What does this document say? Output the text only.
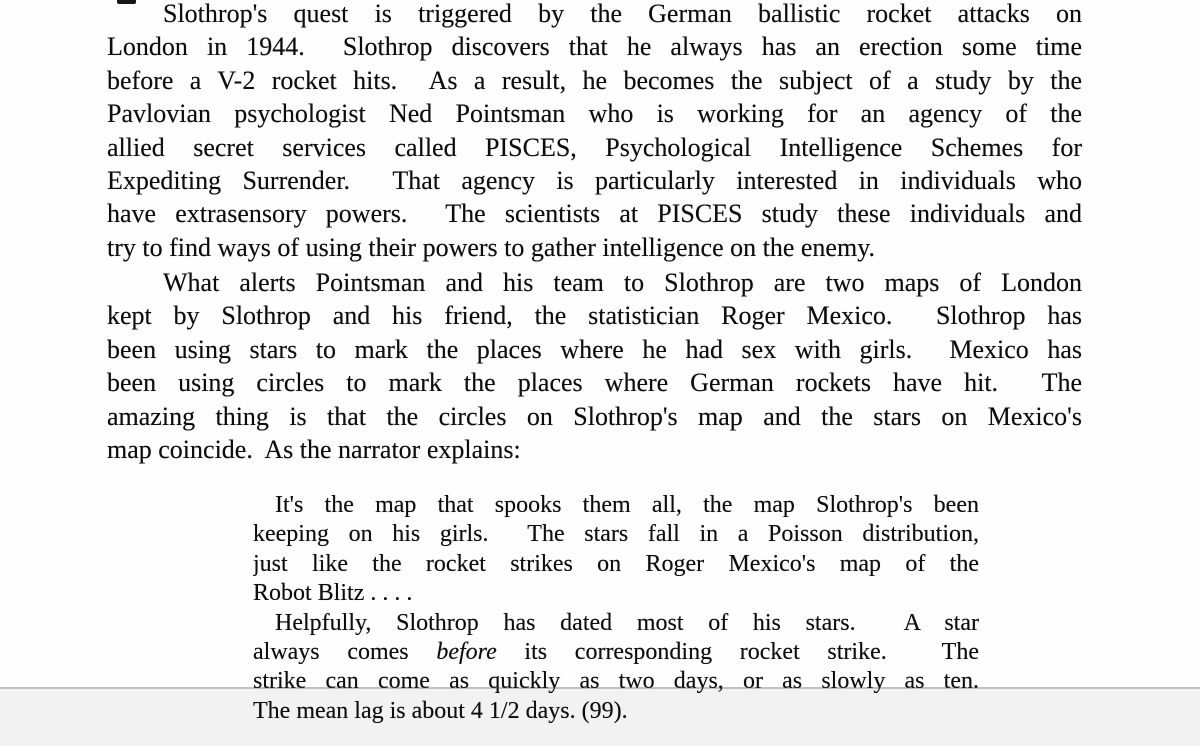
Slothrop's quest is triggered by the German ballistic rocket attacks on
London in 1944.  Slothrop discovers that he always has an erection some time
before a V-2 rocket hits.  As a result, he becomes the subject of a study by the
Pavlovian psychologist Ned Pointsman who is working for an agency of the
allied secret services called PISCES, Psychological Intelligence Schemes for
Expediting Surrender.  That agency is particularly interested in individuals who
have extrasensory powers.  The scientists at PISCES study these individuals and
try to find ways of using their powers to gather intelligence on the enemy.
What alerts Pointsman and his team to Slothrop are two maps of London
kept by Slothrop and his friend, the statistician Roger Mexico.  Slothrop has
been using stars to mark the places where he had sex with girls.  Mexico has
been using circles to mark the places where German rockets have hit.  The
amazing thing is that the circles on Slothrop's map and the stars on Mexico's
map coincide.  As the narrator explains:
It's the map that spooks them all, the map Slothrop's been
keeping on his girls.  The stars fall in a Poisson distribution,
just like the rocket strikes on Roger Mexico's map of the
Robot Blitz . . . .
Helpfully, Slothrop has dated most of his stars.  A star
always comes before its corresponding rocket strike.  The
strike can come as quickly as two days, or as slowly as ten.
The mean lag is about 4 1/2 days. (99).
